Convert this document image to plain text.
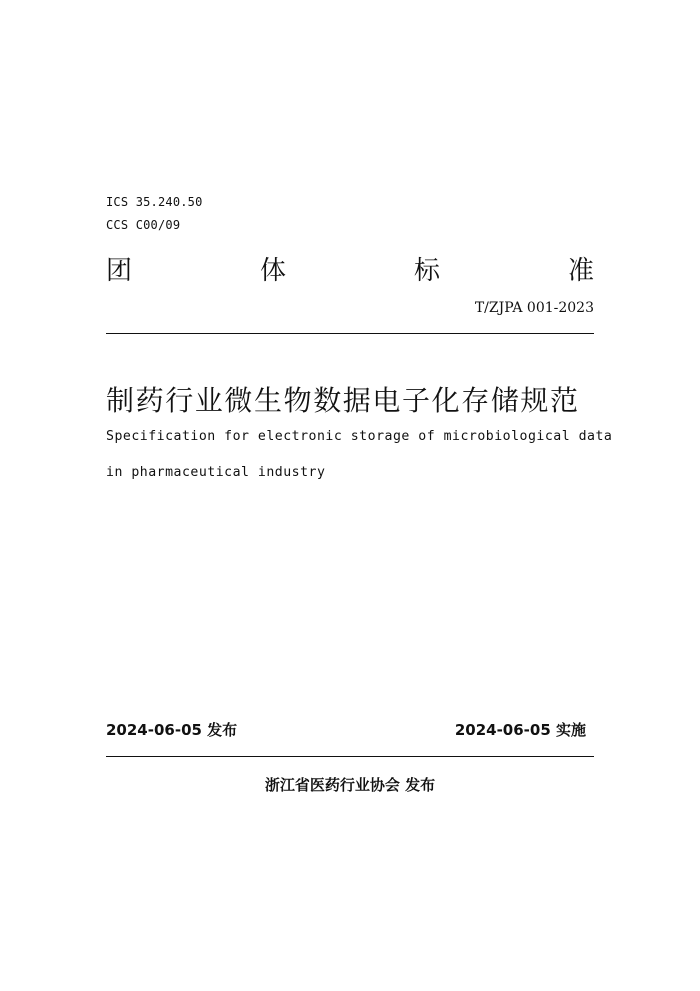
ICS 35.240.50
CCS C00/09
团	体	标	准
T/ZJPA 001-2023
制药行业微生物数据电子化存储规范
Specification for electronic storage of microbiological data
in pharmaceutical industry
2024-06-05 发布	2024-06-05 实施
浙江省医药行业协会 发布
